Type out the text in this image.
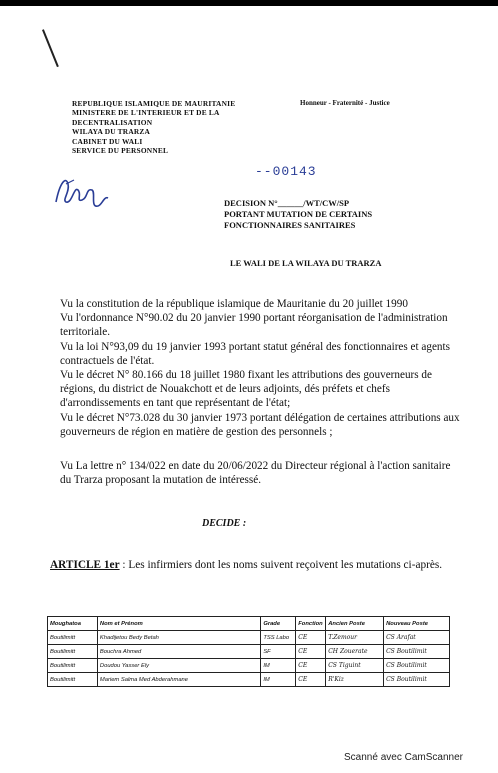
REPUBLIQUE ISLAMIQUE DE MAURITANIE
MINISTERE DE L'INTERIEUR ET DE LA
DECENTRALISATION
WILAYA DU TRARZA
CABINET DU WALI
SERVICE DU PERSONNEL
Honneur - Fraternité - Justice
--00143
DECISION N°______/WT/CW/SP
PORTANT MUTATION DE CERTAINS
FONCTIONNAIRES SANITAIRES
LE WALI DE LA WILAYA DU TRARZA

Vu la constitution de la république islamique de Mauritanie du 20 juillet 1990

Vu l'ordonnance N°90.02 du 20 janvier 1990 portant réorganisation de l'administration territoriale.

Vu la loi N°93,09 du 19 janvier 1993 portant statut général des fonctionnaires et agents contractuels de l'état.

Vu le décret N° 80.166 du 18 juillet 1980 fixant les attributions des gouverneurs de régions, du district de Nouakchott et de leurs adjoints, dés préfets et chefs d'arrondissements en tant que représentant de l'état;

Vu le décret N°73.028 du 30 janvier 1973 portant délégation de certaines attributions aux gouverneurs de région en matière de gestion des personnels ;

Vu La lettre n° 134/022 en date du 20/06/2022 du Directeur régional à l'action sanitaire du Trarza proposant la mutation de intéressé.
DECIDE :
ARTICLE 1er : Les infirmiers dont les noms suivent reçoivent les mutations ci-après.
Moughatoa	Nom et Prénom	Grade	Fonction	Ancien Poste	Nouveau Poste
Boutilimitt	Khadijetou Bedy Betah	TSS Labo	CE	T.Zemour	CS Arafat
Boutilimitt	Bouchra Ahmed	SF	CE	CH Zouerate	CS Boutilimit
Boutilimitt	Doudou Yasser Ely	IM	CE	CS Tiguint	CS Boutilimit
Boutilimitt	Mariem Salma Med Abderahmane	IM	CE	R'Kiz	CS Boutilimit
Scanné avec CamScanner
